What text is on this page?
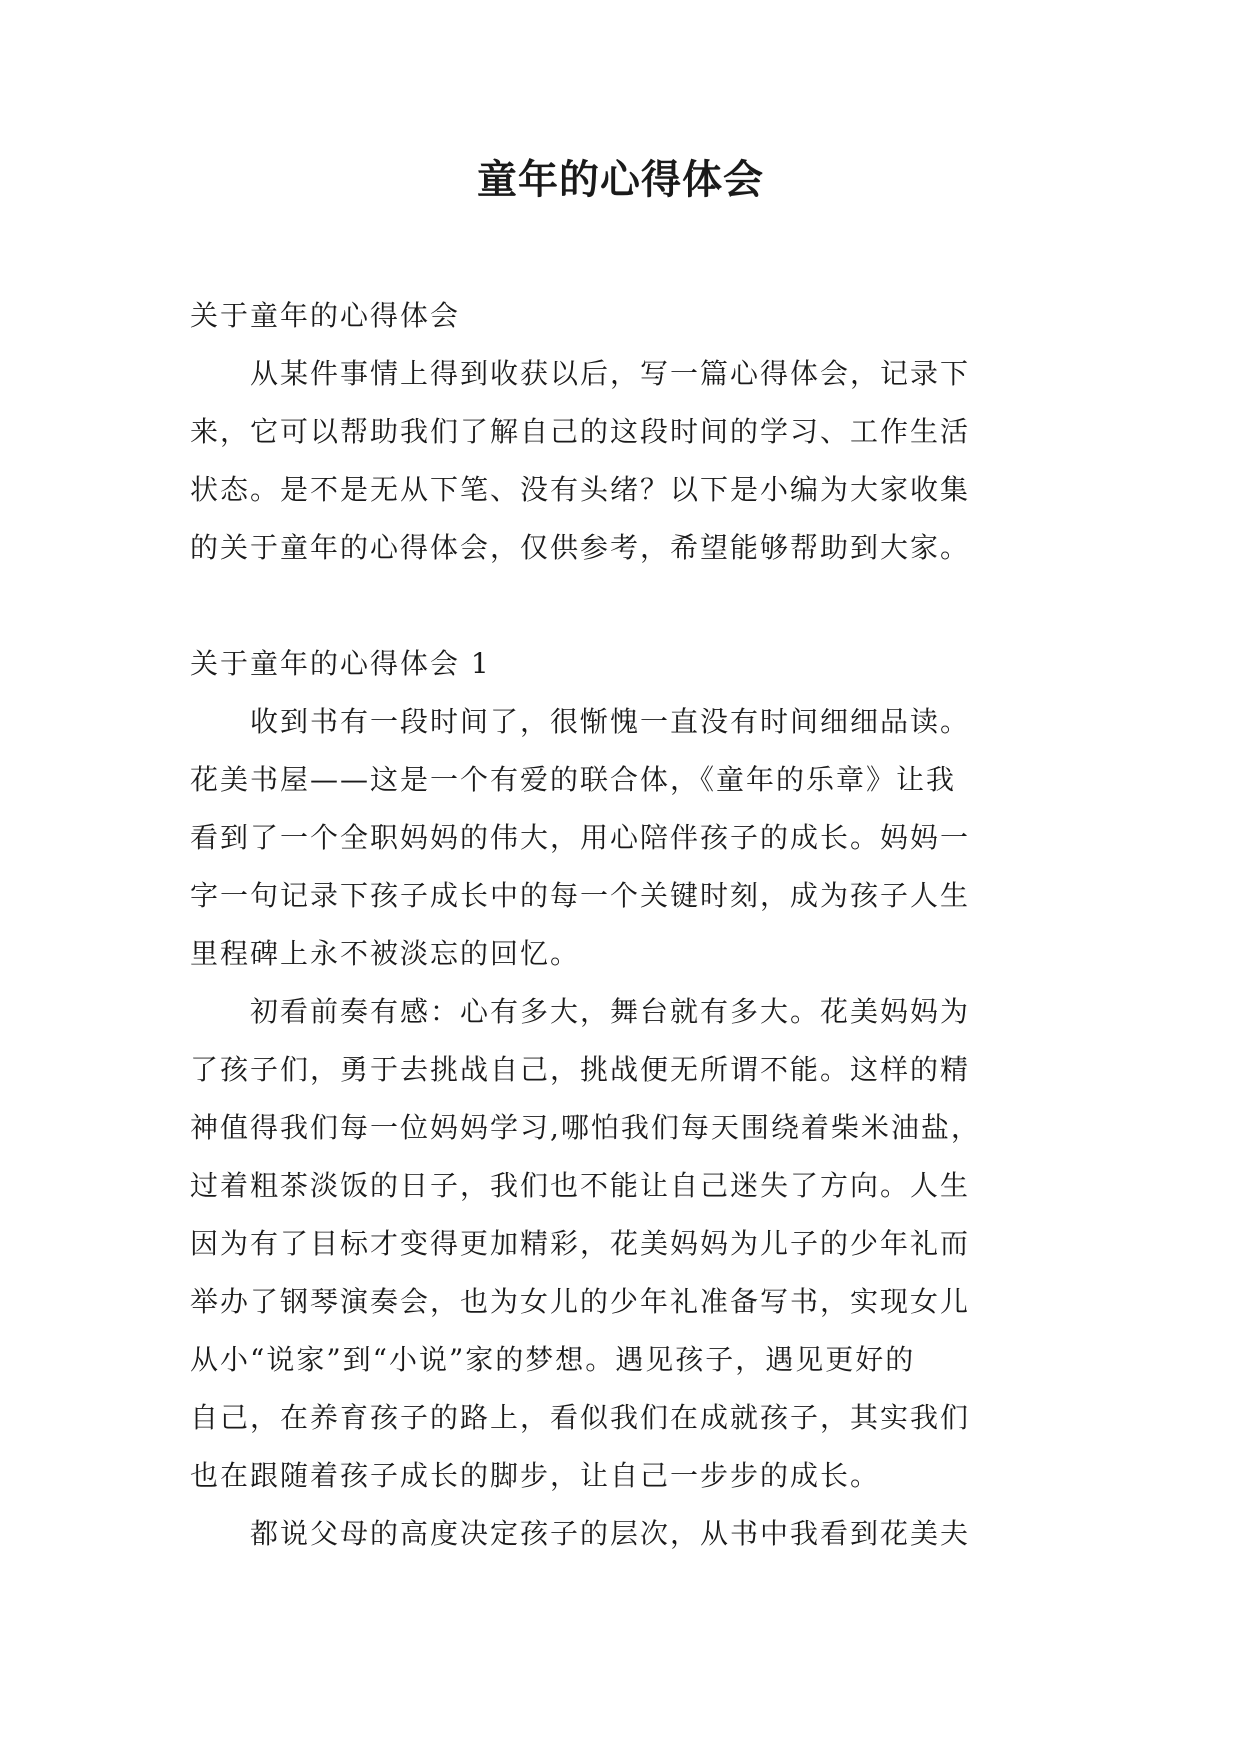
童年的心得体会
关于童年的心得体会
　　从某件事情上得到收获以后，写一篇心得体会，记录下
来，它可以帮助我们了解自己的这段时间的学习、工作生活
状态。是不是无从下笔、没有头绪？以下是小编为大家收集
的关于童年的心得体会，仅供参考，希望能够帮助到大家。
关于童年的心得体会 1
　　收到书有一段时间了，很惭愧一直没有时间细细品读。
花美书屋——这是一个有爱的联合体，《童年的乐章》让我
看到了一个全职妈妈的伟大，用心陪伴孩子的成长。妈妈一
字一句记录下孩子成长中的每一个关键时刻，成为孩子人生
里程碑上永不被淡忘的回忆。
　　初看前奏有感：心有多大，舞台就有多大。花美妈妈为
了孩子们，勇于去挑战自己，挑战便无所谓不能。这样的精
神值得我们每一位妈妈学习,哪怕我们每天围绕着柴米油盐，
过着粗茶淡饭的日子，我们也不能让自己迷失了方向。人生
因为有了目标才变得更加精彩，花美妈妈为儿子的少年礼而
举办了钢琴演奏会，也为女儿的少年礼准备写书，实现女儿
从小“说家”到“小说”家的梦想。遇见孩子，遇见更好的
自己，在养育孩子的路上，看似我们在成就孩子，其实我们
也在跟随着孩子成长的脚步，让自己一步步的成长。
　　都说父母的高度决定孩子的层次，从书中我看到花美夫
